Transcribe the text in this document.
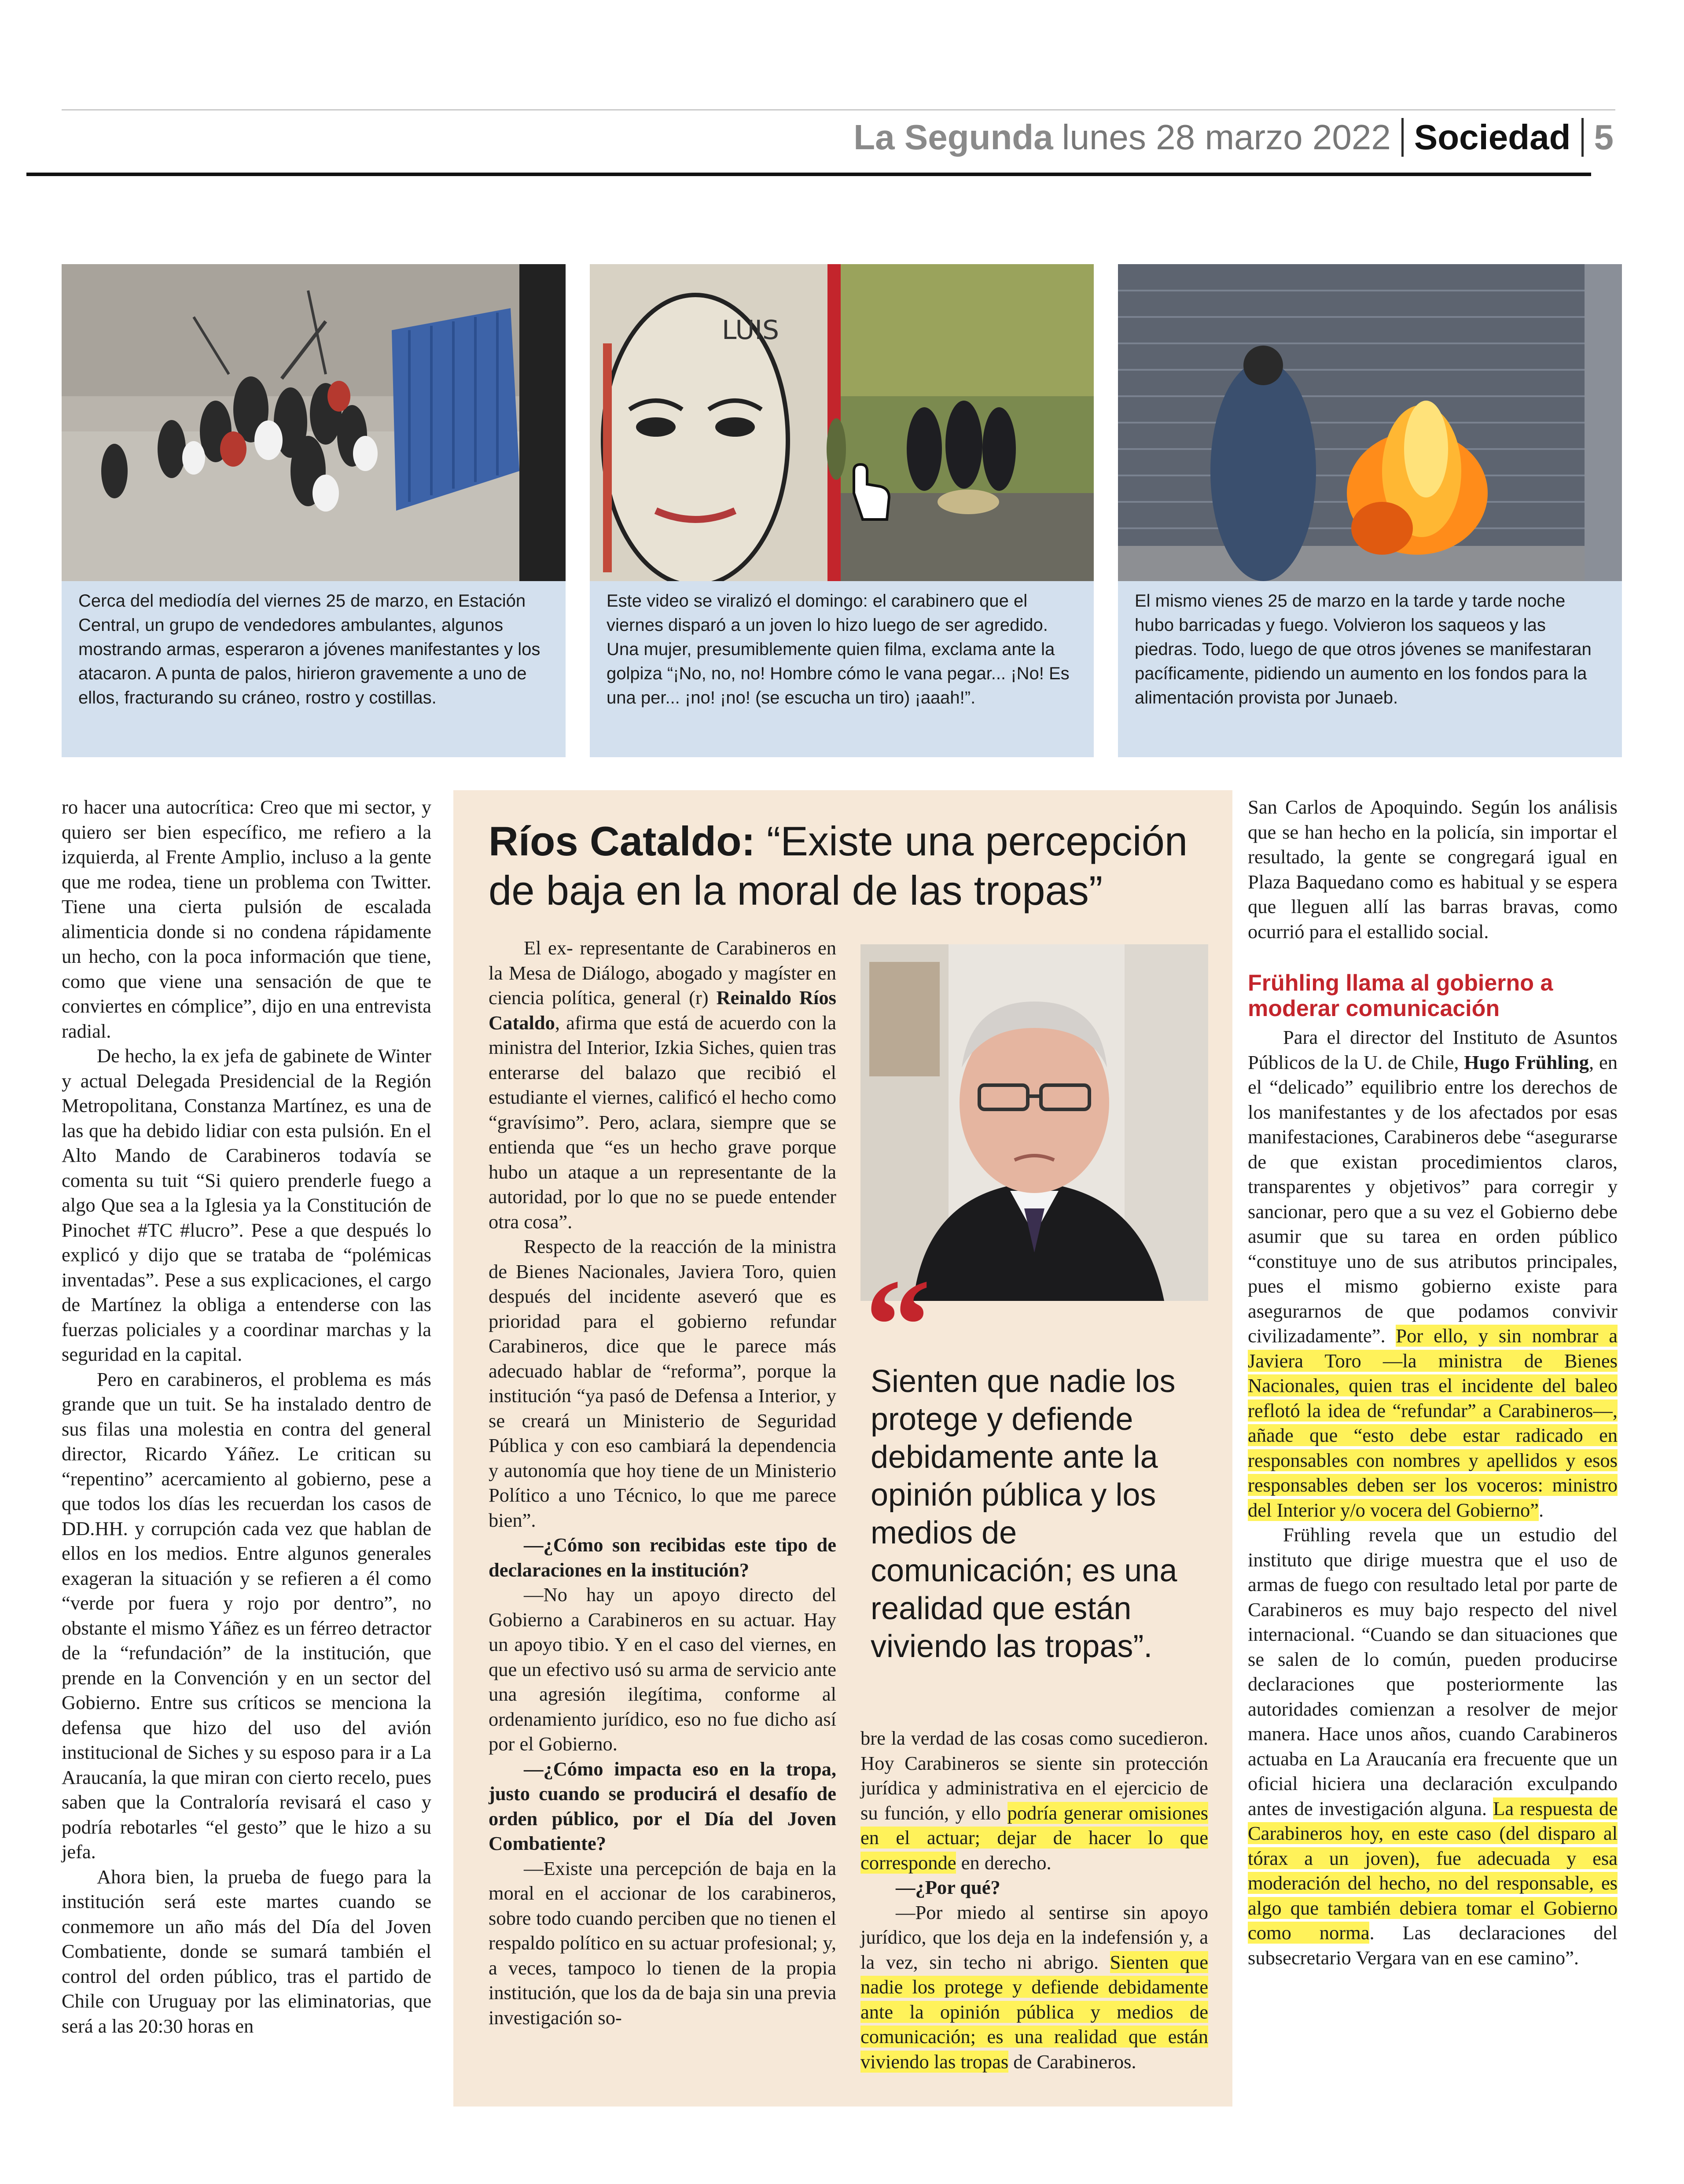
La Segunda lunes 28 marzo 2022 Sociedad 5
Cerca del mediodía del viernes 25 de marzo, en Estación Central, un grupo de vendedores ambulantes, algunos mostrando armas, esperaron a jóvenes manifestantes y los atacaron. A punta de palos, hirieron gravemente a uno de ellos, fracturando su cráneo, rostro y costillas.
LUIS
Este video se viralizó el domingo: el carabinero que el viernes disparó a un joven lo hizo luego de ser agredido. Una mujer, presumiblemente quien filma, exclama ante la golpiza “¡No, no, no! Hombre cómo le vana pegar... ¡No! Es una per... ¡no! ¡no! (se escucha un tiro) ¡aaah!”.
El mismo vienes 25 de marzo en la tarde y tarde noche hubo barricadas y fuego. Volvieron los saqueos y las piedras. Todo, luego de que otros jóvenes se manifestaran pacíficamente, pidiendo un aumento en los fondos para la alimentación provista por Junaeb.

ro hacer una autocrítica: Creo que mi sector, y quiero ser bien específico, me refiero a la izquierda, al Frente Amplio, incluso a la gente que me rodea, tiene un problema con Twitter. Tiene una cierta pulsión de escalada alimenticia donde si no condena rápidamente un hecho, con la poca información que tiene, como que viene una sensación de que te conviertes en cómplice”, dijo en una entrevista radial.

De hecho, la ex jefa de gabinete de Winter y actual Delegada Presidencial de la Región Metropolitana, Constanza Martínez, es una de las que ha debido lidiar con esta pulsión. En el Alto Mando de Carabineros todavía se comenta su tuit “Si quiero prenderle fuego a algo Que sea a la Iglesia ya la Constitución de Pinochet #TC #lucro”. Pese a que después lo explicó y dijo que se trataba de “polémicas inventadas”. Pese a sus explicaciones, el cargo de Martínez la obliga a entenderse con las fuerzas policiales y a coordinar marchas y la seguridad en la capital.

Pero en carabineros, el problema es más grande que un tuit. Se ha instalado dentro de sus filas una molestia en contra del general director, Ricardo Yáñez. Le critican su “repentino” acercamiento al gobierno, pese a que todos los días les recuerdan los casos de DD.HH. y corrupción cada vez que hablan de ellos en los medios. Entre algunos generales exageran la situación y se refieren a él como “verde por fuera y rojo por dentro”, no obstante el mismo Yáñez es un férreo detractor de la “refundación” de la institución, que prende en la Convención y en un sector del Gobierno. Entre sus críticos se menciona la defensa que hizo del uso del avión institucional de Siches y su esposo para ir a La Araucanía, la que miran con cierto recelo, pues saben que la Contraloría revisará el caso y podría rebotarles “el gesto” que le hizo a su jefa.

Ahora bien, la prueba de fuego para la institución será este martes cuando se conmemore un año más del Día del Joven Combatiente, donde se sumará también el control del orden público, tras el partido de Chile con Uruguay por las eliminatorias, que será a las 20:30 horas en

Ríos Cataldo: “Existe una percepción de baja en la moral de las tropas”

El ex- representante de Carabineros en la Mesa de Diálogo, abogado y magíster en ciencia política, general (r) Reinaldo Ríos Cataldo, afirma que está de acuerdo con la ministra del Interior, Izkia Siches, quien tras enterarse del balazo que recibió el estudiante el viernes, calificó el hecho como “gravísimo”. Pero, aclara, siempre que se entienda que “es un hecho grave porque hubo un ataque a un representante de la autoridad, por lo que no se puede entender otra cosa”.

Respecto de la reacción de la ministra de Bienes Nacionales, Javiera Toro, quien después del incidente aseveró que es prioridad para el gobierno refundar Carabineros, dice que le parece más adecuado hablar de “reforma”, porque la institución “ya pasó de Defensa a Interior, y se creará un Ministerio de Seguridad Pública y con eso cambiará la dependencia y autonomía que hoy tiene de un Ministerio Político a uno Técnico, lo que me parece bien”.

—¿Cómo son recibidas este tipo de declaraciones en la institución?

—No hay un apoyo directo del Gobierno a Carabineros en su actuar. Hay un apoyo tibio. Y en el caso del viernes, en que un efectivo usó su arma de servicio ante una agresión ilegítima, conforme al ordenamiento jurídico, eso no fue dicho así por el Gobierno.

—¿Cómo impacta eso en la tropa, justo cuando se producirá el desafío de orden público, por el Día del Joven Combatiente?

—Existe una percepción de baja en la moral en el accionar de los carabineros, sobre todo cuando perciben que no tienen el respaldo político en su actuar profesional; y, a veces, tampoco lo tienen de la propia institución, que los da de baja sin una previa investigación so-

“
Sienten que nadie los protege y defiende debidamente ante la opinión pública y los medios de comunicación; es una realidad que están viviendo las tropas”.

bre la verdad de las cosas como sucedieron. Hoy Carabineros se siente sin protección jurídica y administrativa en el ejercicio de su función, y ello podría generar omisiones en el actuar; dejar de hacer lo que corresponde en derecho.

—¿Por qué?

—Por miedo al sentirse sin apoyo jurídico, que los deja en la indefensión y, a la vez, sin techo ni abrigo. Sienten que nadie los protege y defiende debidamente ante la opinión pública y medios de comunicación; es una realidad que están viviendo las tropas de Carabineros.

San Carlos de Apoquindo. Según los análisis que se han hecho en la policía, sin importar el resultado, la gente se congregará igual en Plaza Baquedano como es habitual y se espera que lleguen allí las barras bravas, como ocurrió para el estallido social.

Frühling llama al gobierno a moderar comunicación

Para el director del Instituto de Asuntos Públicos de la U. de Chile, Hugo Frühling, en el “delicado” equilibrio entre los derechos de los manifestantes y de los afectados por esas manifestaciones, Carabineros debe “asegurarse de que existan procedimientos claros, transparentes y objetivos” para corregir y sancionar, pero que a su vez el Gobierno debe asumir que su tarea en orden público “constituye uno de sus atributos principales, pues el mismo gobierno existe para asegurarnos de que podamos convivir civilizadamente”. Por ello, y sin nombrar a Javiera Toro —la ministra de Bienes Nacionales, quien tras el incidente del baleo reflotó la idea de “refundar” a Carabineros—, añade que “esto debe estar radicado en responsables con nombres y apellidos y esos responsables deben ser los voceros: ministro del Interior y/o vocera del Gobierno”.

Frühling revela que un estudio del instituto que dirige muestra que el uso de armas de fuego con resultado letal por parte de Carabineros es muy bajo respecto del nivel internacional. “Cuando se dan situaciones que se salen de lo común, pueden producirse declaraciones que posteriormente las autoridades comienzan a resolver de mejor manera. Hace unos años, cuando Carabineros actuaba en La Araucanía era frecuente que un oficial hiciera una declaración exculpando antes de investigación alguna. La respuesta de Carabineros hoy, en este caso (del disparo al tórax a un joven), fue adecuada y esa moderación del hecho, no del responsable, es algo que también debiera tomar el Gobierno como norma. Las declaraciones del subsecretario Vergara van en ese camino”.
